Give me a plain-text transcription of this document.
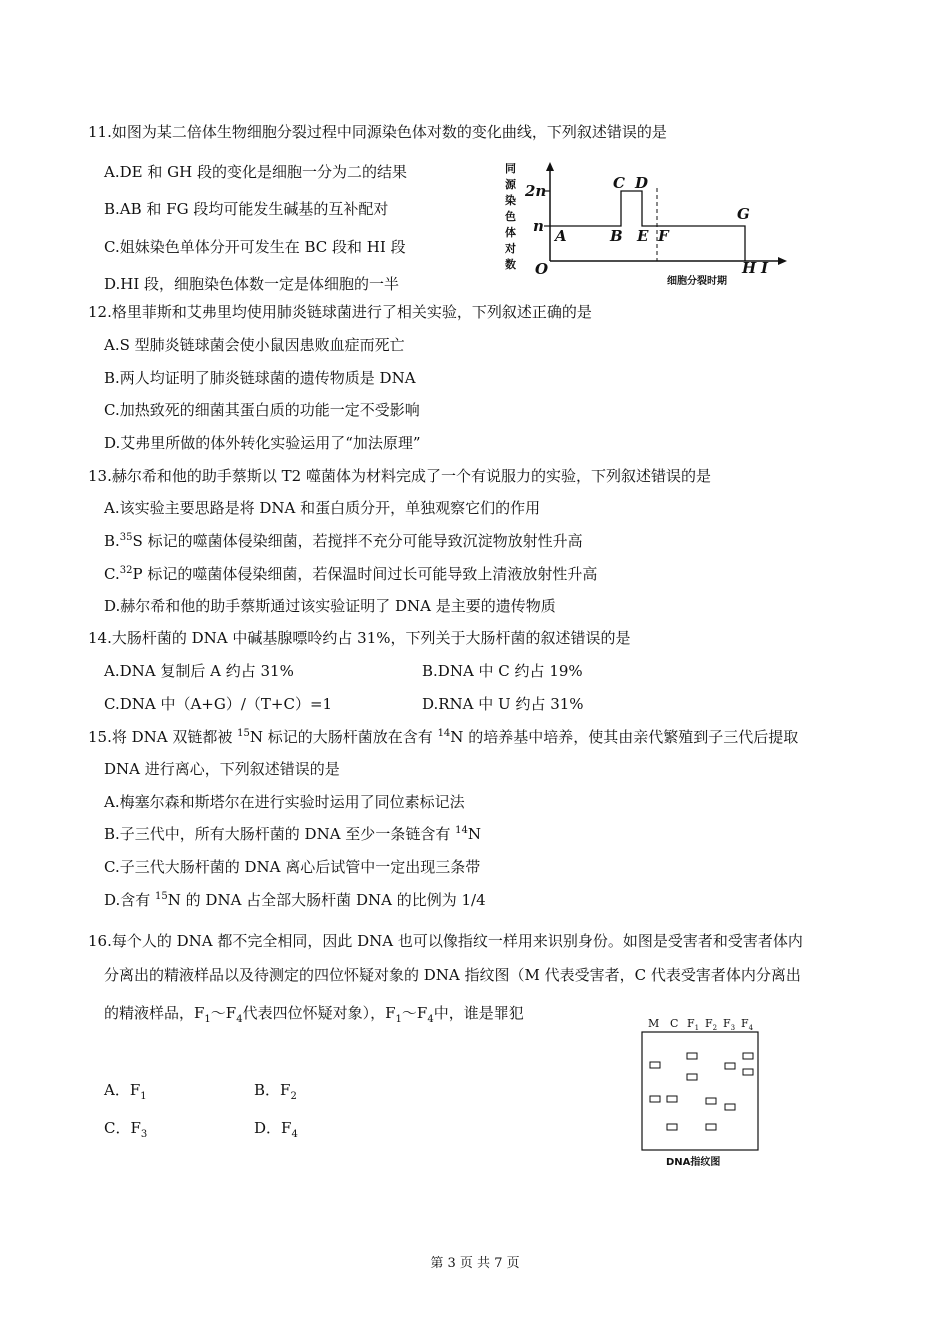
11.如图为某二倍体生物细胞分裂过程中同源染色体对数的变化曲线，下列叙述错误的是
A.DE 和 GH 段的变化是细胞一分为二的结果
B.AB 和 FG 段均可能发生碱基的互补配对
C.姐妹染色单体分开可发生在 BC 段和 HI 段
D.HI 段，细胞染色体数一定是体细胞的一半
同
源
染
色
体
对
数
2n
n
O
A	B
C D
E F
G
H I
细胞分裂时期
12.格里菲斯和艾弗里均使用肺炎链球菌进行了相关实验，下列叙述正确的是
A.S 型肺炎链球菌会使小鼠因患败血症而死亡
B.两人均证明了肺炎链球菌的遗传物质是 DNA
C.加热致死的细菌其蛋白质的功能一定不受影响
D.艾弗里所做的体外转化实验运用了“加法原理”
13.赫尔希和他的助手蔡斯以 T2 噬菌体为材料完成了一个有说服力的实验，下列叙述错误的是
A.该实验主要思路是将 DNA 和蛋白质分开，单独观察它们的作用
B.$^{35}$S 标记的噬菌体侵染细菌，若搅拌不充分可能导致沉淀物放射性升高
C.$^{32}$P 标记的噬菌体侵染细菌，若保温时间过长可能导致上清液放射性升高
D.赫尔希和他的助手蔡斯通过该实验证明了 DNA 是主要的遗传物质
14.大肠杆菌的 DNA 中碱基腺嘌呤约占 31%，下列关于大肠杆菌的叙述错误的是
A.DNA 复制后 A 约占 31%	B.DNA 中 C 约占 19%
C.DNA 中（A+G）/（T+C）=1	D.RNA 中 U 约占 31%
15.将 DNA 双链都被 $^{15}$N 标记的大肠杆菌放在含有 $^{14}$N 的培养基中培养，使其由亲代繁殖到子三代后提取
DNA 进行离心，下列叙述错误的是
A.梅塞尔森和斯塔尔在进行实验时运用了同位素标记法
B.子三代中，所有大肠杆菌的 DNA 至少一条链含有 $^{14}$N
C.子三代大肠杆菌的 DNA 离心后试管中一定出现三条带
D.含有 $^{15}$N 的 DNA 占全部大肠杆菌 DNA 的比例为 1/4
16.每个人的 DNA 都不完全相同，因此 DNA 也可以像指纹一样用来识别身份。如图是受害者和受害者体内
分离出的精液样品以及待测定的四位怀疑对象的 DNA 指纹图（M 代表受害者，C 代表受害者体内分离出
的精液样品，$F_1\sim F_4$代表四位怀疑对象），$F_1\sim F_4$中，谁是罪犯
A．$F_1$	B．$F_2$
C．$F_3$	D．$F_4$
M C $F_1$ $F_2$ $F_3$ $F_4$
DNA指纹图
第 3 页 共 7 页
